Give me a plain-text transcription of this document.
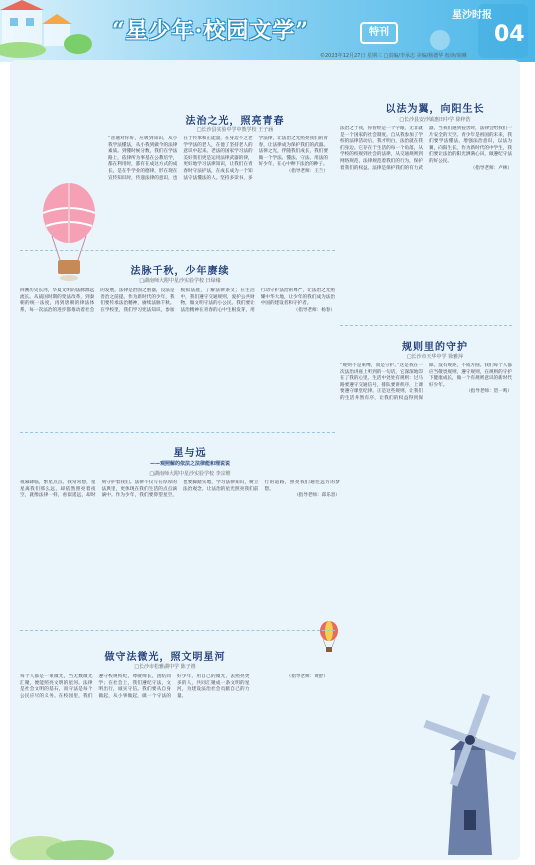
“星少年·校园文学”	特刊
星沙时报
04
©2023年12月27日 星期三 □责编/李承志 美编/杨德华 校读/胡琳
法治之光，照亮青春
□长沙县实验中学中教学校 王子涵
“普通对你好，应吸到知识，从小我学法懂法，从小我到做今的法律素质。到懂时候分数，我们在学法路上，依律所为事基在公教培学，都在利用时，都有在成这方式的成长。是在乎学业的德律，形在现在宣传知识时，传递法律的意识，也在于传承和正能量，在身边不乏老学学法的老人，在他了坚持老人的意识中起来。老法的国家学习法的美好我们更是运用法律武器的律，更好地学习法律知识，让我们在青春时守法护法，在成长成为一个知法守法懂法的人。坚持多读书，多学法律，让法治之光照亮我们的青春，让法律成为保护我们的武器。法律之光，伴随我们成长，我们要做一个学法、懂法、守法、用法的好少年，在心中种下法治的种子。
（指导老师：王兰）
以法为翼，向阳生长
□长沙县安沙镇惠田中学 徐梓浩
法治之于我，你曾经是一个字眼，无非就是一个国家的社会制度。自从我参加了学校的法律活动后，我才明白，法治就在我们身边。它存在于生活的每一个角落，从学校的校规到社会的法律，从交通规则到网络规范，法律规范着我们的行为，保护着我们的权益。法律是保护我们的有力武器，当我们遇到侵害时，法律会给我们一片安全的天空。青少年是祖国的未来，我们要学法懂法，增强法治意识，以法为翼，向阳生长。作为新时代的中学生，我们要让法治的阳光洒满心田，做遵纪守法的好公民。
（指导老师：卢林）
法脉千秋，少年赓续
□湖南师大附中星沙实验学校 曰绿缘
回溯历史长河，华夏文明的法脉源远流长。从战国时期的变法改革，到秦朝的统一法度，再到唐朝的律法体系，每一次法治的进步都推动着社会的发展。法律是治国之重器，良法是善治之前提。作为新时代的少年，我们要传承法治精神，赓续法脉千秋。在学校里，我们学习宪法知识，参加模拟法庭，了解法律条文；在生活中，我们遵守交通规则，爱护公共财物，做文明守法的小公民。我们要让法治精神在青春的心中生根发芽，用行动守护法治的尊严，让法治之光照耀中华大地，让少年的我们成为法治中国的建设者和守护者。
（指导老师：杨春）
规则里的守护
□长沙市天华中学 徐雅萍
“规则不是束缚，而是守护。”这是我在一次法治讲座上听到的一句话，它深深地印在了我的心里。生活中处处有规则：过马路要遵守交通信号，排队要讲秩序，上课要遵守课堂纪律。正是这些规则，让我们的生活井然有序，让我们的权益得到保障。没有规矩，不成方圆。我们每个人都应当敬畏规则，遵守规则，在规则的守护下健康成长，做一个有规则意识的新时代好少年。
（指导老师：贺一鸣）
星与远
——观照解的依法之法律能和理说说
□湖南师大附中星沙实验学校 李宗维
夜幕降临，繁星点点。我常常想，星星离我们那么远，却依然照亮着夜空，就像法律一样，看似遥远，却时刻守护着我们。法律不仅写在厚厚的法典里，更体现在我们生活的点点滴滴中。作为少年，我们要仰望星空，也要脚踏实地，学习法律知识，树立法治观念，让法治的星光照亮我们前行的道路，照亮我们通往远方的梦想。
（指导老师：邱乐容）
做守法微光，照文明星河
□长沙市松雅湖中学 陈子禧
每个人都是一束微光，当无数微光汇聚，便能照亮文明的星河。法律是社会文明的基石，而守法是每个公民应尽的义务。在校园里，我们遵守校规校纪，尊敬师长，团结同学；在社会上，我们遵纪守法，文明出行，诚实守信。我们要从自身做起，从小事做起，做一个守法的好少年，用自己的微光，去照亮更多的人，共同汇聚成一条文明的星河，为建设法治社会贡献自己的力量。
（指导老师：黄舒）
